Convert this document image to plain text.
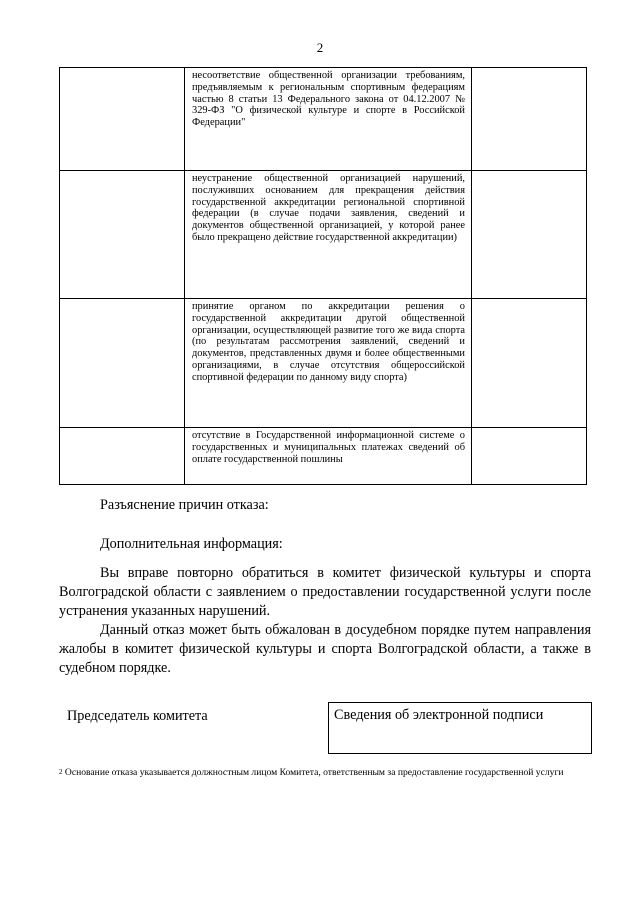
2

	несоответствие общественной организации требованиям, предъявляемым к региональным спортивным федерациям частью 8 статьи 13 Федерального закона от 04.12.2007 № 329-ФЗ "О физической культуре и спорте в Российской Федерации"	

	неустранение общественной организацией нарушений, послуживших основанием для прекращения действия государственной аккредитации региональной спортивной федерации (в случае подачи заявления, сведений и документов общественной организацией, у которой ранее было прекращено действие государственной аккредитации)	

	принятие органом по аккредитации решения о государственной аккредитации другой общественной организации, осуществляющей развитие того же вида спорта (по результатам рассмотрения заявлений, сведений и документов, представленных двумя и более общественными организациями, в случае отсутствия общероссийской спортивной федерации по данному виду спорта)	

	отсутствие в Государственной информационной системе о государственных и муниципальных платежах сведений об оплате государственной пошлины	

Разъяснение причин отказа:
Дополнительная информация:
Вы вправе повторно обратиться в комитет физической культуры и спорта Волгоградской области с заявлением о предоставлении государственной услуги после устранения указанных нарушений.
Данный отказ может быть обжалован в досудебном порядке путем направления жалобы в комитет физической культуры и спорта Волгоградской области, а также в судебном порядке.
Председатель комитета	Сведения об электронной подписи
$^2$ Основание отказа указывается должностным лицом Комитета, ответственным за предоставление государственной услуги
